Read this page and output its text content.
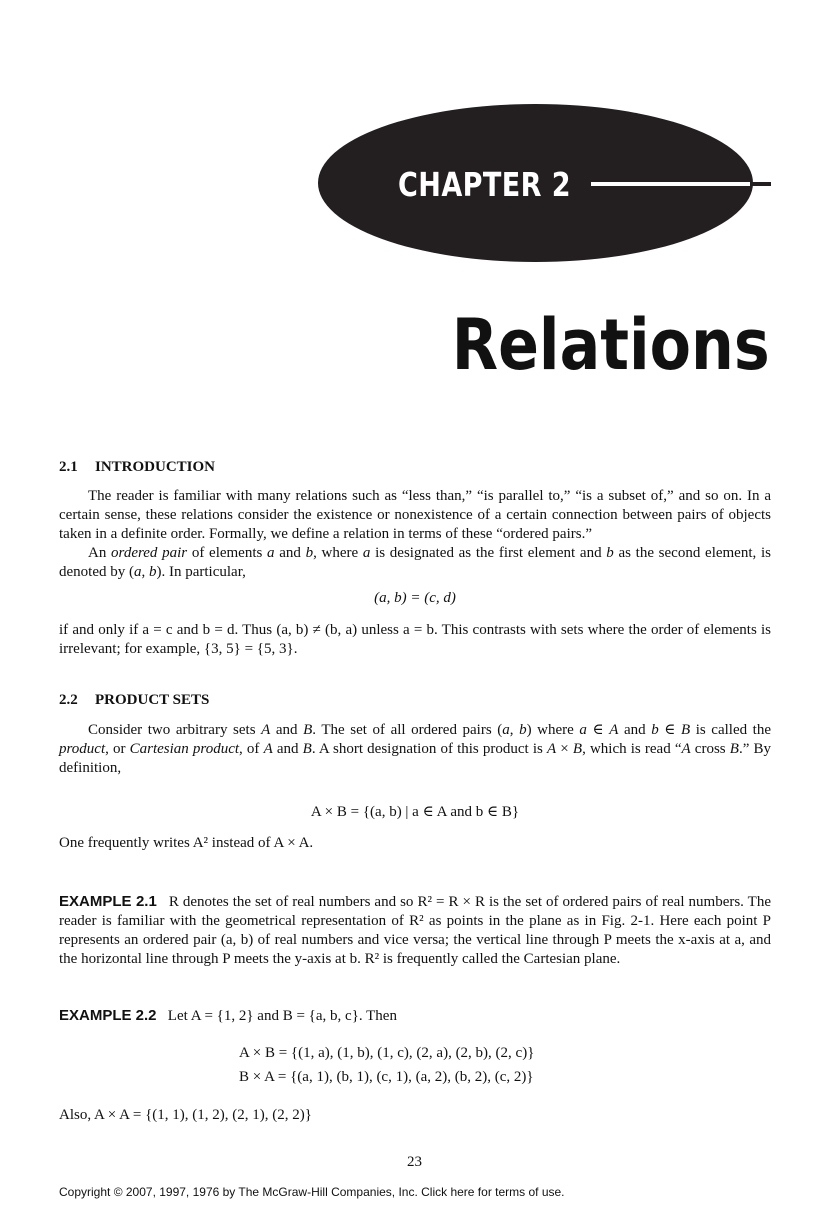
CHAPTER 2
Relations
2.1 INTRODUCTION
The reader is familiar with many relations such as “less than,” “is parallel to,” “is a subset of,” and so on. In a certain sense, these relations consider the existence or nonexistence of a certain connection between pairs of objects taken in a definite order. Formally, we define a relation in terms of these “ordered pairs.”
An ordered pair of elements a and b, where a is designated as the first element and b as the second element, is denoted by (a, b). In particular,
(a, b) = (c, d)
if and only if a = c and b = d. Thus (a, b) ≠ (b, a) unless a = b. This contrasts with sets where the order of elements is irrelevant; for example, {3, 5} = {5, 3}.
2.2 PRODUCT SETS
Consider two arbitrary sets A and B. The set of all ordered pairs (a, b) where a ∈ A and b ∈ B is called the product, or Cartesian product, of A and B. A short designation of this product is A × B, which is read “A cross B.” By definition,
A × B = {(a, b) | a ∈ A and b ∈ B}
One frequently writes A² instead of A × A.
EXAMPLE 2.1 R denotes the set of real numbers and so R² = R × R is the set of ordered pairs of real numbers. The reader is familiar with the geometrical representation of R² as points in the plane as in Fig. 2-1. Here each point P represents an ordered pair (a, b) of real numbers and vice versa; the vertical line through P meets the x-axis at a, and the horizontal line through P meets the y-axis at b. R² is frequently called the Cartesian plane.
EXAMPLE 2.2 Let A = {1, 2} and B = {a, b, c}. Then
A × B = {(1, a), (1, b), (1, c), (2, a), (2, b), (2, c)}
B × A = {(a, 1), (b, 1), (c, 1), (a, 2), (b, 2), (c, 2)}
Also, A × A = {(1, 1), (1, 2), (2, 1), (2, 2)}
23
Copyright © 2007, 1997, 1976 by The McGraw-Hill Companies, Inc. Click here for terms of use.
